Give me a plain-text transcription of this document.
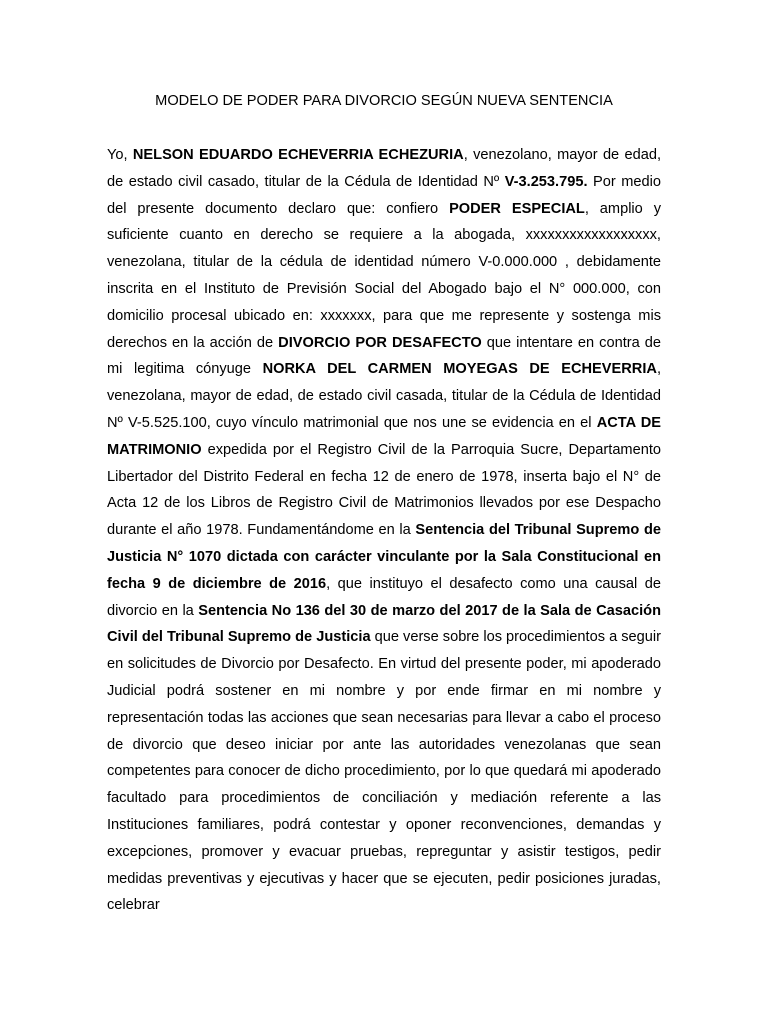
MODELO DE PODER PARA DIVORCIO SEGÚN NUEVA SENTENCIA

Yo, NELSON EDUARDO ECHEVERRIA ECHEZURIA, venezolano, mayor de edad, de estado civil casado, titular de la Cédula de Identidad Nº V-3.253.795. Por medio del presente documento declaro que: confiero PODER ESPECIAL, amplio y suficiente cuanto en derecho se requiere a la abogada, xxxxxxxxxxxxxxxxxx, venezolana, titular de la cédula de identidad número V-0.000.000 , debidamente inscrita en el Instituto de Previsión Social del Abogado bajo el N° 000.000, con domicilio procesal ubicado en: xxxxxxx, para que me represente y sostenga mis derechos en la acción de DIVORCIO POR DESAFECTO que intentare en contra de mi legitima cónyuge NORKA DEL CARMEN MOYEGAS DE ECHEVERRIA, venezolana, mayor de edad, de estado civil casada, titular de la Cédula de Identidad Nº V-5.525.100, cuyo vínculo matrimonial que nos une se evidencia en el ACTA DE MATRIMONIO expedida por el Registro Civil de la Parroquia Sucre, Departamento Libertador del Distrito Federal en fecha 12 de enero de 1978, inserta bajo el N° de Acta 12 de los Libros de Registro Civil de Matrimonios llevados por ese Despacho durante el año 1978. Fundamentándome en la Sentencia del Tribunal Supremo de Justicia N° 1070 dictada con carácter vinculante por la Sala Constitucional en fecha 9 de diciembre de 2016, que instituyo el desafecto como una causal de divorcio en la Sentencia No 136 del 30 de marzo del 2017 de la Sala de Casación Civil del Tribunal Supremo de Justicia que verse sobre los procedimientos a seguir en solicitudes de Divorcio por Desafecto. En virtud del presente poder, mi apoderado Judicial podrá sostener en mi nombre y por ende firmar en mi nombre y representación todas las acciones que sean necesarias para llevar a cabo el proceso de divorcio que deseo iniciar por ante las autoridades venezolanas que sean competentes para conocer de dicho procedimiento, por lo que quedará mi apoderado facultado para procedimientos de conciliación y mediación referente a las Instituciones familiares, podrá contestar y oponer reconvenciones, demandas y excepciones, promover y evacuar pruebas, repreguntar y asistir testigos, pedir medidas preventivas y ejecutivas y hacer que se ejecuten, pedir posiciones juradas, celebrar
